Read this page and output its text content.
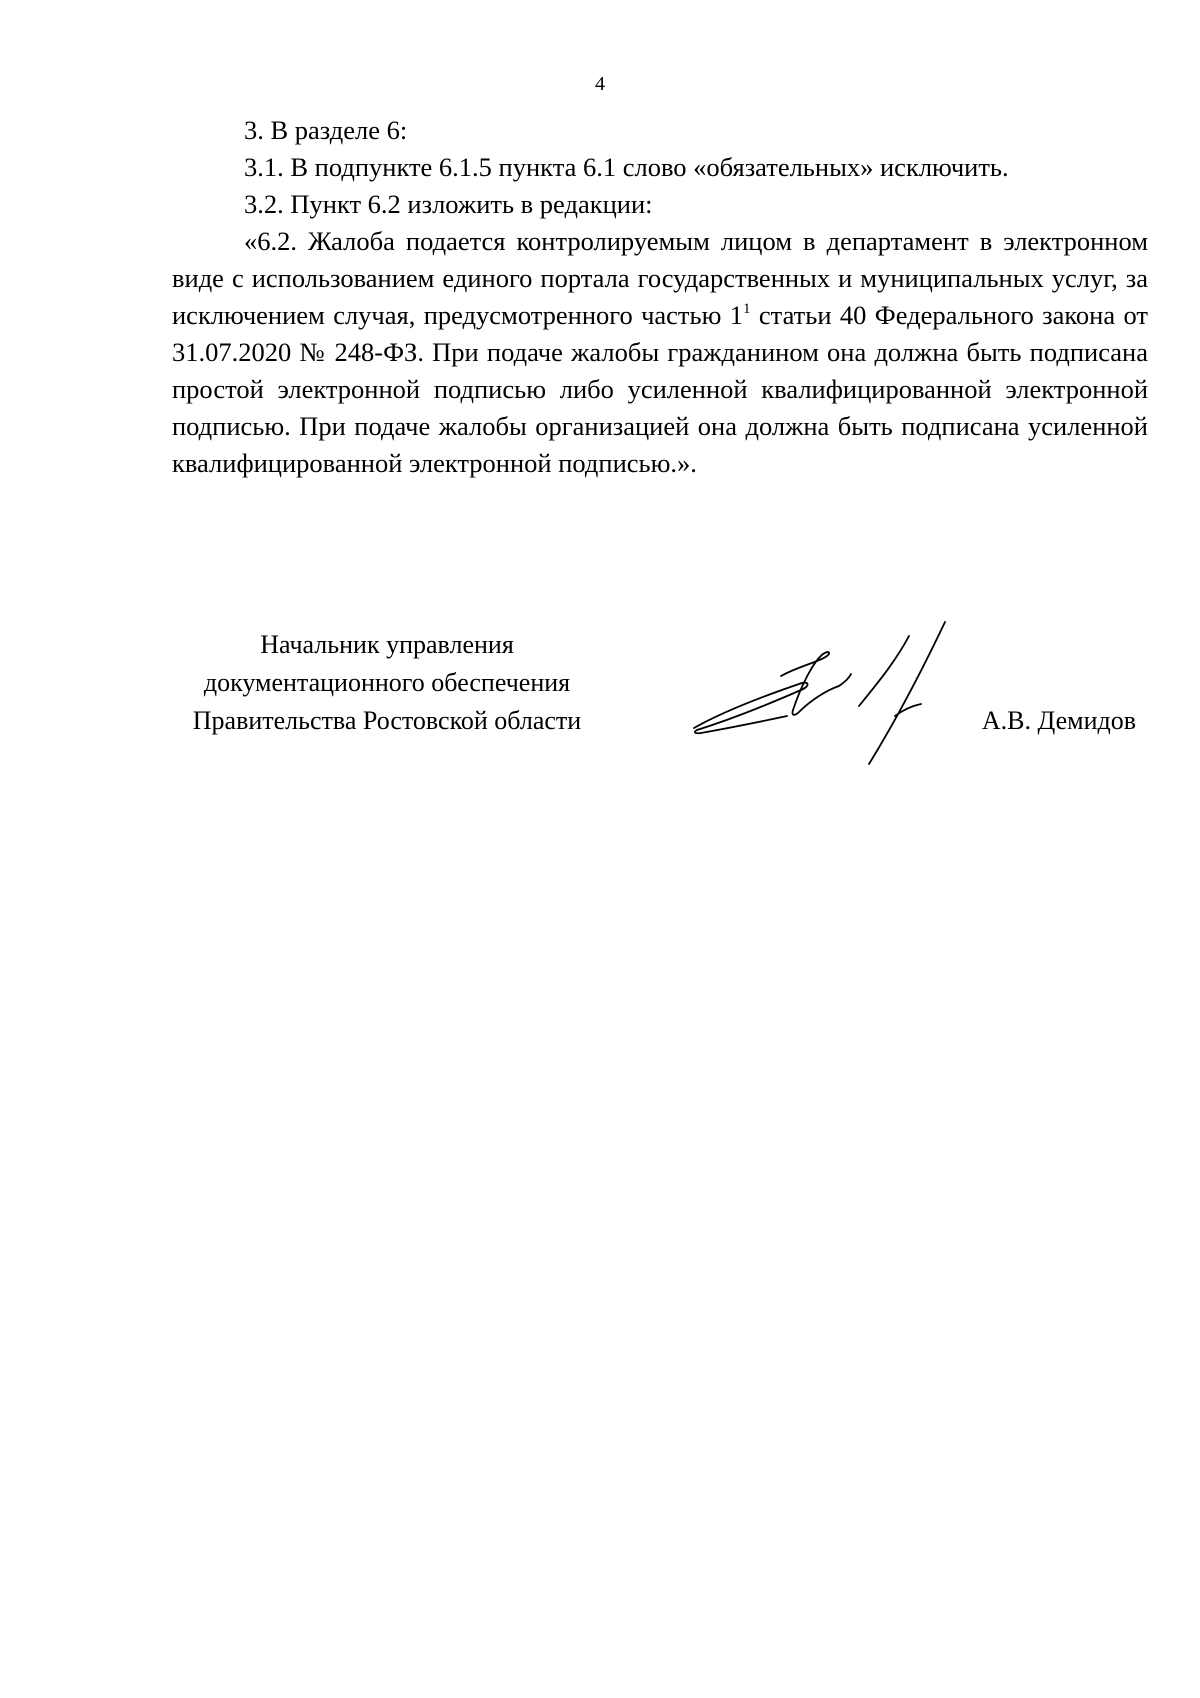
4

3. В разделе 6:

3.1. В подпункте 6.1.5 пункта 6.1 слово «обязательных» исключить.

3.2. Пункт 6.2 изложить в редакции:

«6.2. Жалоба подается контролируемым лицом в департамент в электронном виде с использованием единого портала государственных и муниципальных услуг, за исключением случая, предусмотренного частью $1^1$ статьи 40 Федерального закона от 31.07.2020 № 248-ФЗ. При подаче жалобы гражданином она должна быть подписана простой электронной подписью либо усиленной квалифицированной электронной подписью. При подаче жалобы организацией она должна быть подписана усиленной квалифицированной электронной подписью.».

Начальник управления
документационного обеспечения
Правительства Ростовской области	А.В. Демидов
